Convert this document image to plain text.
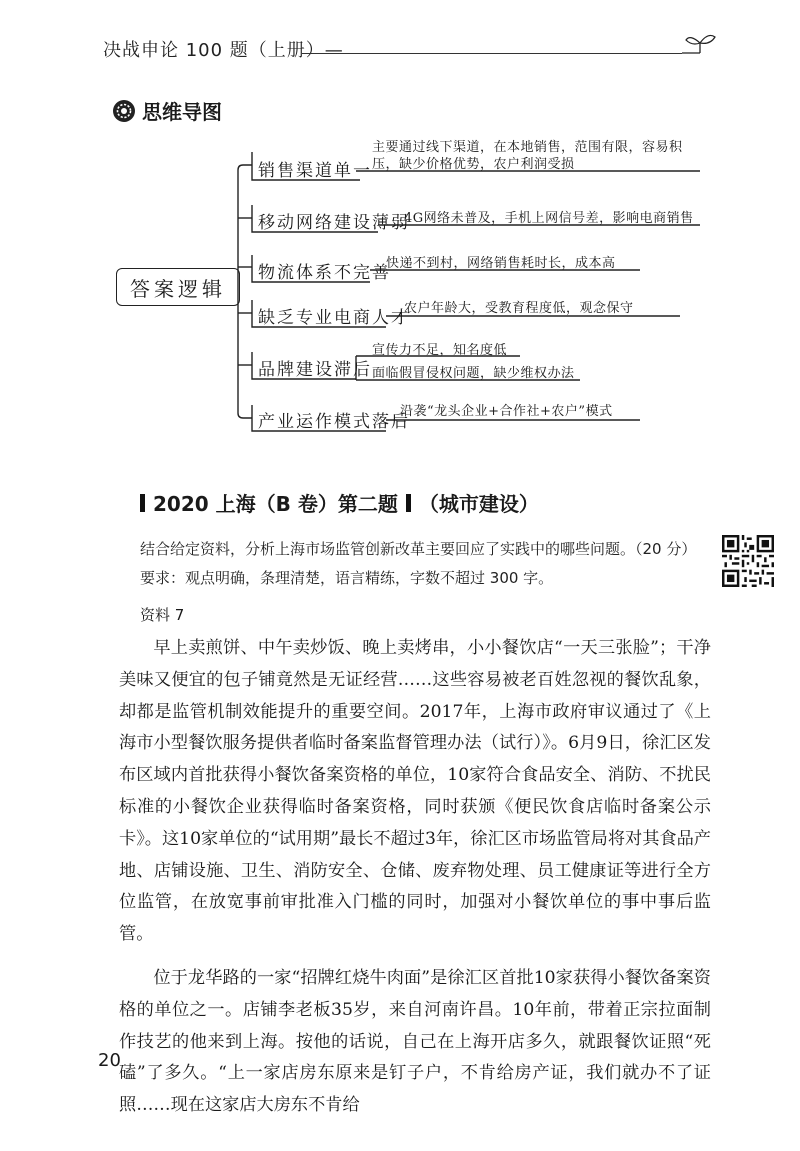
决战申论 100 题（上册）—
思维导图
答案逻辑
销售渠道单一
主要通过线下渠道，在本地销售，范围有限，容易积
压，缺少价格优势，农户利润受损
移动网络建设薄弱
4G网络未普及，手机上网信号差，影响电商销售
物流体系不完善
快递不到村，网络销售耗时长，成本高
缺乏专业电商人才
农户年龄大，受教育程度低，观念保守
品牌建设滞后
宣传力不足，知名度低
面临假冒侵权问题，缺少维权办法
产业运作模式落后
沿袭“龙头企业+合作社+农户”模式
2020 上海（B 卷）第二题 （城市建设）
结合给定资料，分析上海市场监管创新改革主要回应了实践中的哪些问题。（20 分）
要求：观点明确，条理清楚，语言精练，字数不超过 300 字。
资料 7

早上卖煎饼、中午卖炒饭、晚上卖烤串，小小餐饮店“一天三张脸”；干净美味又便宜的包子铺竟然是无证经营……这些容易被老百姓忽视的餐饮乱象，却都是监管机制效能提升的重要空间。2017年，上海市政府审议通过了《上海市小型餐饮服务提供者临时备案监督管理办法（试行）》。6月9日，徐汇区发布区域内首批获得小餐饮备案资格的单位，10家符合食品安全、消防、不扰民标准的小餐饮企业获得临时备案资格，同时获颁《便民饮食店临时备案公示卡》。这10家单位的“试用期”最长不超过3年，徐汇区市场监管局将对其食品产地、店铺设施、卫生、消防安全、仓储、废弃物处理、员工健康证等进行全方位监管，在放宽事前审批准入门槛的同时，加强对小餐饮单位的事中事后监管。

位于龙华路的一家“招牌红烧牛肉面”是徐汇区首批10家获得小餐饮备案资格的单位之一。店铺李老板35岁，来自河南许昌。10年前，带着正宗拉面制作技艺的他来到上海。按他的话说，自己在上海开店多久，就跟餐饮证照“死磕”了多久。“上一家店房东原来是钉子户，不肯给房产证，我们就办不了证照……现在这家店大房东不肯给

20
